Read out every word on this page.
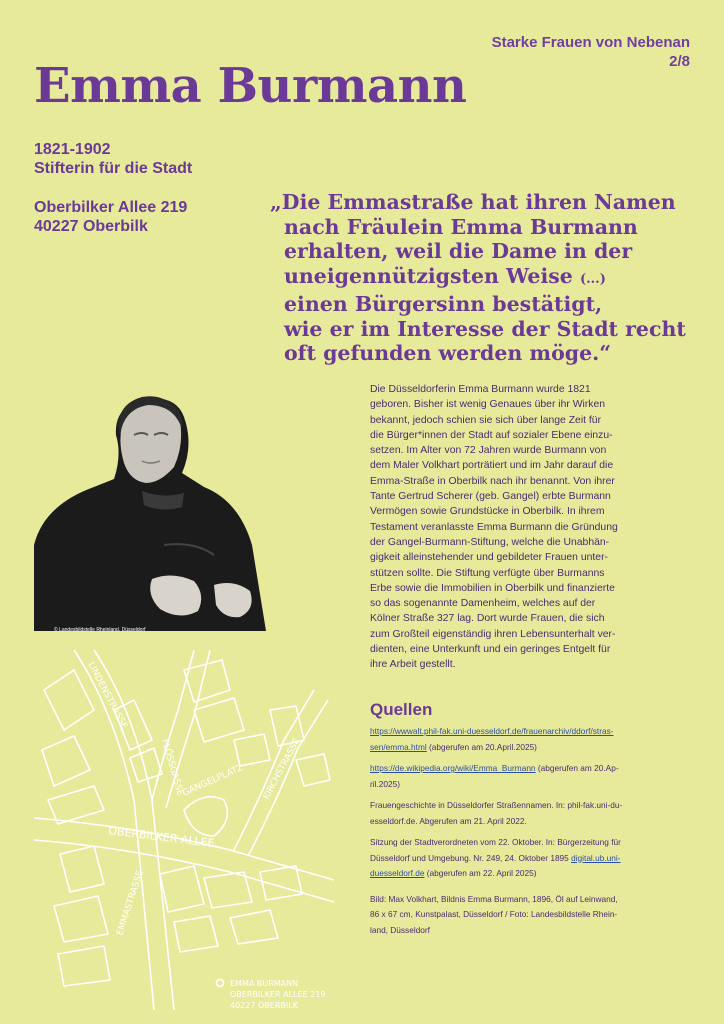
Starke Frauen von Nebenan
2/8
Emma Burmann
1821-1902
Stifterin für die Stadt
Oberbilker Allee 219
40227 Oberbilk
„Die Emmastraße hat ihren Namen
nach Fräulein Emma Burmann
erhalten, weil die Dame in der
uneigennützigsten Weise (...)
einen Bürgersinn bestätigt,
wie er im Interesse der Stadt recht
oft gefunden werden möge.“
Die Düsseldorferin Emma Burmann wurde 1821
geboren. Bisher ist wenig Genaues über ihr Wirken
bekannt, jedoch schien sie sich über lange Zeit für
die Bürger*innen der Stadt auf sozialer Ebene einzu-
setzen. Im Alter von 72 Jahren wurde Burmann von
dem Maler Volkhart porträtiert und im Jahr darauf die
Emma-Straße in Oberbilk nach ihr benannt. Von ihrer
Tante Gertrud Scherer (geb. Gangel) erbte Burmann
Vermögen sowie Grundstücke in Oberbilk. In ihrem
Testament veranlasste Emma Burmann die Gründung
der Gangel-Burmann-Stiftung, welche die Unabhän-
gigkeit alleinstehender und gebildeter Frauen unter-
stützen sollte. Die Stiftung verfügte über Burmanns
Erbe sowie die Immobilien in Oberbilk und finanzierte
so das sogenannte Damenheim, welches auf der
Kölner Straße 327 lag. Dort wurde Frauen, die sich
zum Großteil eigenständig ihren Lebensunterhalt ver-
dienten, eine Unterkunft und ein geringes Entgelt für
ihre Arbeit gestellt.
© Landesbildstelle Rheinland, Düsseldorf
LINDENSTRASSE
FLÖSSGASSE	KIRCHSTRASSE
OBERBILKER ALLEE
EMMASTRASSE
GANGELPLATZ
EMMA BURMANN
OBERBILKER ALLEE 219
40227 OBERBILK
Quellen
https://wwwalt.phil-fak.uni-duesseldorf.de/frauenarchiv/ddorf/stras-
sen/emma.html (abgerufen am 20.April.2025)
https://de.wikipedia.org/wiki/Emma_Burmann (abgerufen am 20.Ap-
ril.2025)
Frauengeschichte in Düsseldorfer Straßennamen. In: phil-fak.uni-du-
esseldorf.de. Abgerufen am 21. April 2022.
Sitzung der Stadtverordneten vom 22. Oktober. In: Bürgerzeitung für
Düsseldorf und Umgebung. Nr. 249, 24. Oktober 1895 digital.ub.uni-
duesseldorf.de (abgerufen am 22. April 2025)
Bild: Max Volkhart, Bildnis Emma Burmann, 1896, Öl auf Leinwand,
86 x 67 cm, Kunstpalast, Düsseldorf / Foto: Landesbildstelle Rhein-
land, Düsseldorf
